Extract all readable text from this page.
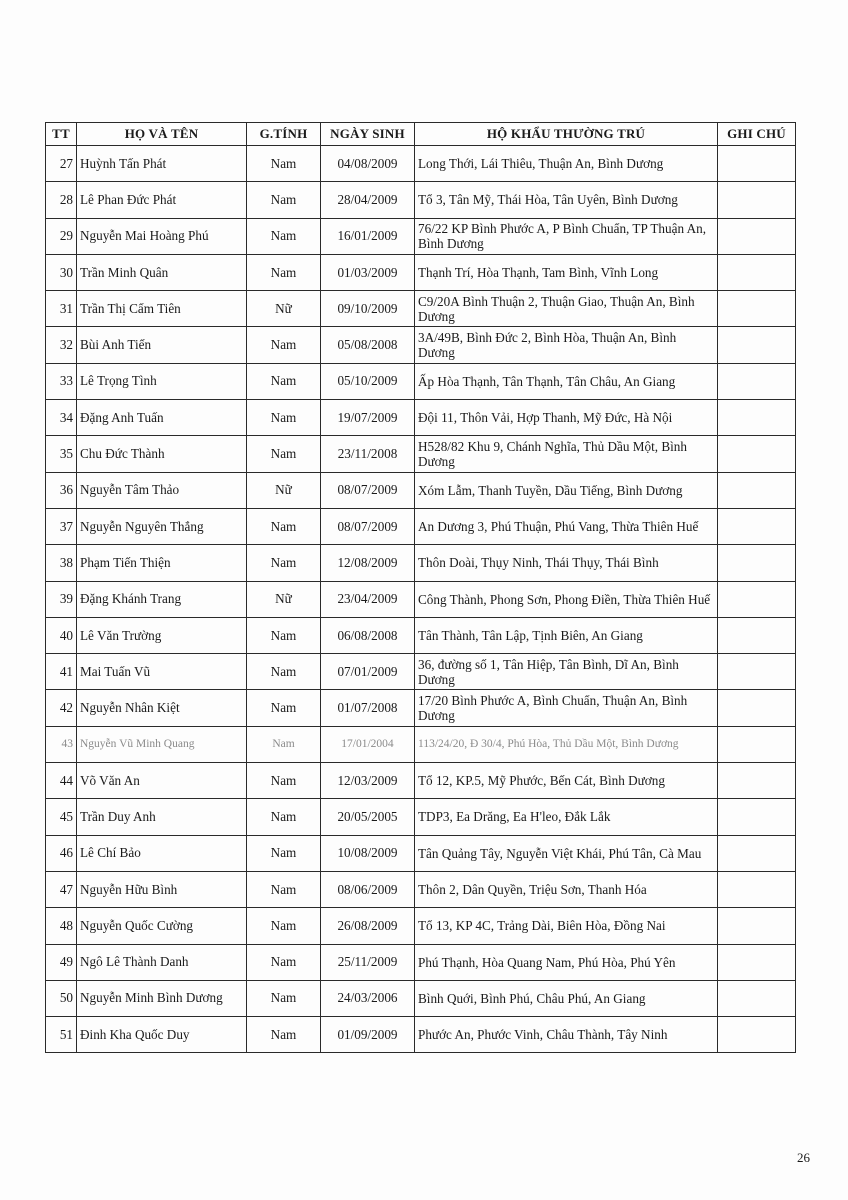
TT	HỌ VÀ TÊN	G.TÍNH	NGÀY SINH	HỘ KHẨU THƯỜNG TRÚ	GHI CHÚ
27	Huỳnh Tấn Phát	Nam	04/08/2009	Long Thới, Lái Thiêu, Thuận An, Bình Dương	
28	Lê Phan Đức Phát	Nam	28/04/2009	Tổ 3, Tân Mỹ, Thái Hòa, Tân Uyên, Bình Dương	
29	Nguyễn Mai Hoàng Phú	Nam	16/01/2009	76/22 KP Bình Phước A, P Bình Chuẩn, TP Thuận An, Bình Dương	
30	Trần Minh Quân	Nam	01/03/2009	Thạnh Trí, Hòa Thạnh, Tam Bình, Vĩnh Long	
31	Trần Thị Cẩm Tiên	Nữ	09/10/2009	C9/20A Bình Thuận 2, Thuận Giao, Thuận An, Bình Dương	
32	Bùi Anh Tiến	Nam	05/08/2008	3A/49B, Bình Đức 2, Bình Hòa, Thuận An, Bình Dương	
33	Lê Trọng Tình	Nam	05/10/2009	Ấp Hòa Thạnh, Tân Thạnh, Tân Châu, An Giang	
34	Đặng Anh Tuấn	Nam	19/07/2009	Đội 11, Thôn Vải, Hợp Thanh, Mỹ Đức, Hà Nội	
35	Chu Đức Thành	Nam	23/11/2008	H528/82 Khu 9, Chánh Nghĩa, Thủ Dầu Một, Bình Dương	
36	Nguyễn Tâm Thảo	Nữ	08/07/2009	Xóm Lẫm, Thanh Tuyền, Dầu Tiếng, Bình Dương	
37	Nguyễn Nguyên Thắng	Nam	08/07/2009	An Dương 3, Phú Thuận, Phú Vang, Thừa Thiên Huế	
38	Phạm Tiến Thiện	Nam	12/08/2009	Thôn Doài, Thụy Ninh, Thái Thụy, Thái Bình	
39	Đặng Khánh Trang	Nữ	23/04/2009	Công Thành, Phong Sơn, Phong Điền, Thừa Thiên Huế	
40	Lê Văn Trường	Nam	06/08/2008	Tân Thành, Tân Lập, Tịnh Biên, An Giang	
41	Mai Tuấn Vũ	Nam	07/01/2009	36, đường số 1, Tân Hiệp, Tân Bình, Dĩ An, Bình Dương	
42	Nguyễn Nhân Kiệt	Nam	01/07/2008	17/20 Bình Phước A, Bình Chuẩn, Thuận An, Bình Dương	
43	Nguyễn Vũ Minh Quang	Nam	17/01/2004	113/24/20, Đ 30/4, Phú Hòa, Thủ Dầu Một, Bình Dương	
44	Võ Văn An	Nam	12/03/2009	Tổ 12, KP.5, Mỹ Phước, Bến Cát, Bình Dương	
45	Trần Duy Anh	Nam	20/05/2005	TDP3, Ea Drăng, Ea H'leo, Đắk Lắk	
46	Lê Chí Bảo	Nam	10/08/2009	Tân Quảng Tây, Nguyễn Việt Khái, Phú Tân, Cà Mau	
47	Nguyễn Hữu Bình	Nam	08/06/2009	Thôn 2, Dân Quyền, Triệu Sơn, Thanh Hóa	
48	Nguyễn Quốc Cường	Nam	26/08/2009	Tổ 13, KP 4C, Trảng Dài, Biên Hòa, Đồng Nai	
49	Ngô Lê Thành Danh	Nam	25/11/2009	Phú Thạnh, Hòa Quang Nam, Phú Hòa, Phú Yên	
50	Nguyễn Minh Bình Dương	Nam	24/03/2006	Bình Quới, Bình Phú, Châu Phú, An Giang	
51	Đinh Kha Quốc Duy	Nam	01/09/2009	Phước An, Phước Vinh, Châu Thành, Tây Ninh	
26
